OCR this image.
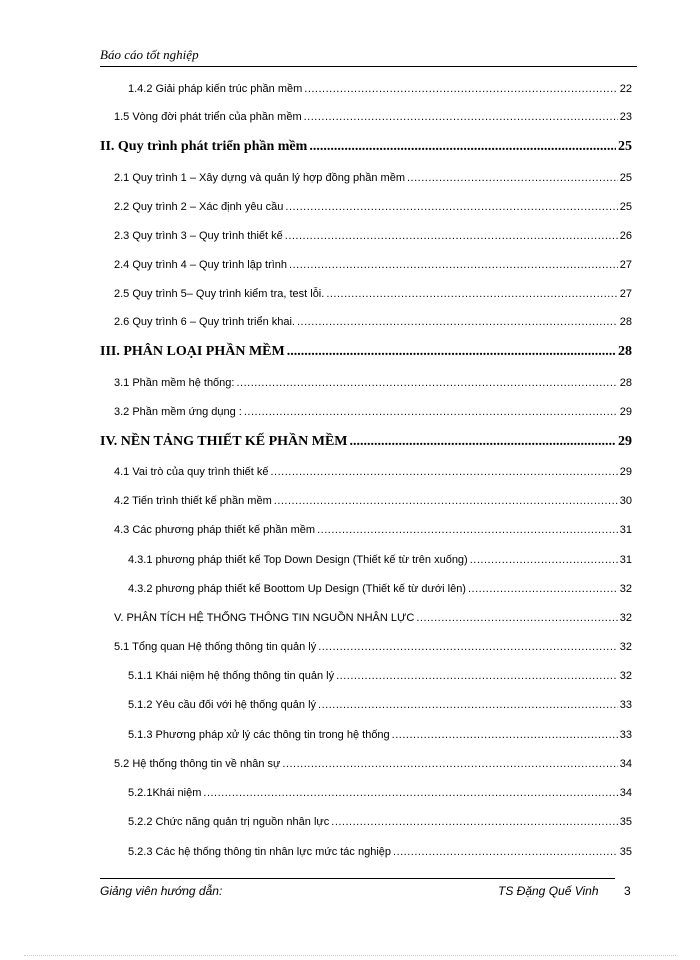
Báo cáo tốt nghiệp
1.4.2 Giải pháp kiến trúc phần mềm .....	22
1.5 Vòng đời phát triển của phần mềm .....	23
II. Quy trình phát triển phần mềm .....	25
2.1 Quy trình 1 – Xây dựng và quản lý hợp đồng phần mềm .....	25
2.2 Quy trình 2 – Xác định yêu cầu .....	25
2.3 Quy trình 3 – Quy trình thiết kế .....	26
2.4 Quy trình 4 – Quy trình lập trình .....	27
2.5 Quy trình 5– Quy trình kiểm tra, test lỗi. .....	27
2.6 Quy trình 6 – Quy trình triển khai. .....	28
III. PHÂN LOẠI PHẦN MỀM .....	28
3.1 Phần mềm hệ thống: .....	28
3.2 Phần mềm ứng dụng : .....	29
IV. NỀN TẢNG THIẾT KẾ PHẦN MỀM .....	29
4.1 Vai trò của quy trình thiết kế .....	29
4.2 Tiến trình thiết kế phần mềm .....	30
4.3 Các phương pháp thiết kế phần mềm .....	31
4.3.1 phương pháp thiết kế Top Down Design (Thiết kế từ trên xuống) .....	31
4.3.2 phương pháp thiết kế Boottom Up Design (Thiết kế từ dưới lên) .....	32
V. PHÂN TÍCH HỆ THỐNG THÔNG TIN NGUỒN NHÂN LỰC .....	32
5.1 Tổng quan Hệ thống thông tin quản lý .....	32
5.1.1 Khái niệm hệ thống thông tin quản lý .....	32
5.1.2 Yêu cầu đối với hệ thống quản lý .....	33
5.1.3 Phương pháp xử lý các thông tin trong hệ thống .....	33
5.2 Hệ thống thông tin về nhân sự .....	34
5.2.1Khái niệm .....	34
5.2.2 Chức năng quản trị nguồn nhân lực .....	35
5.2.3 Các hệ thống thông tin nhân lực mức tác nghiệp .....	35
Giảng viên hướng dẫn:	TS Đặng Quế Vinh 3
